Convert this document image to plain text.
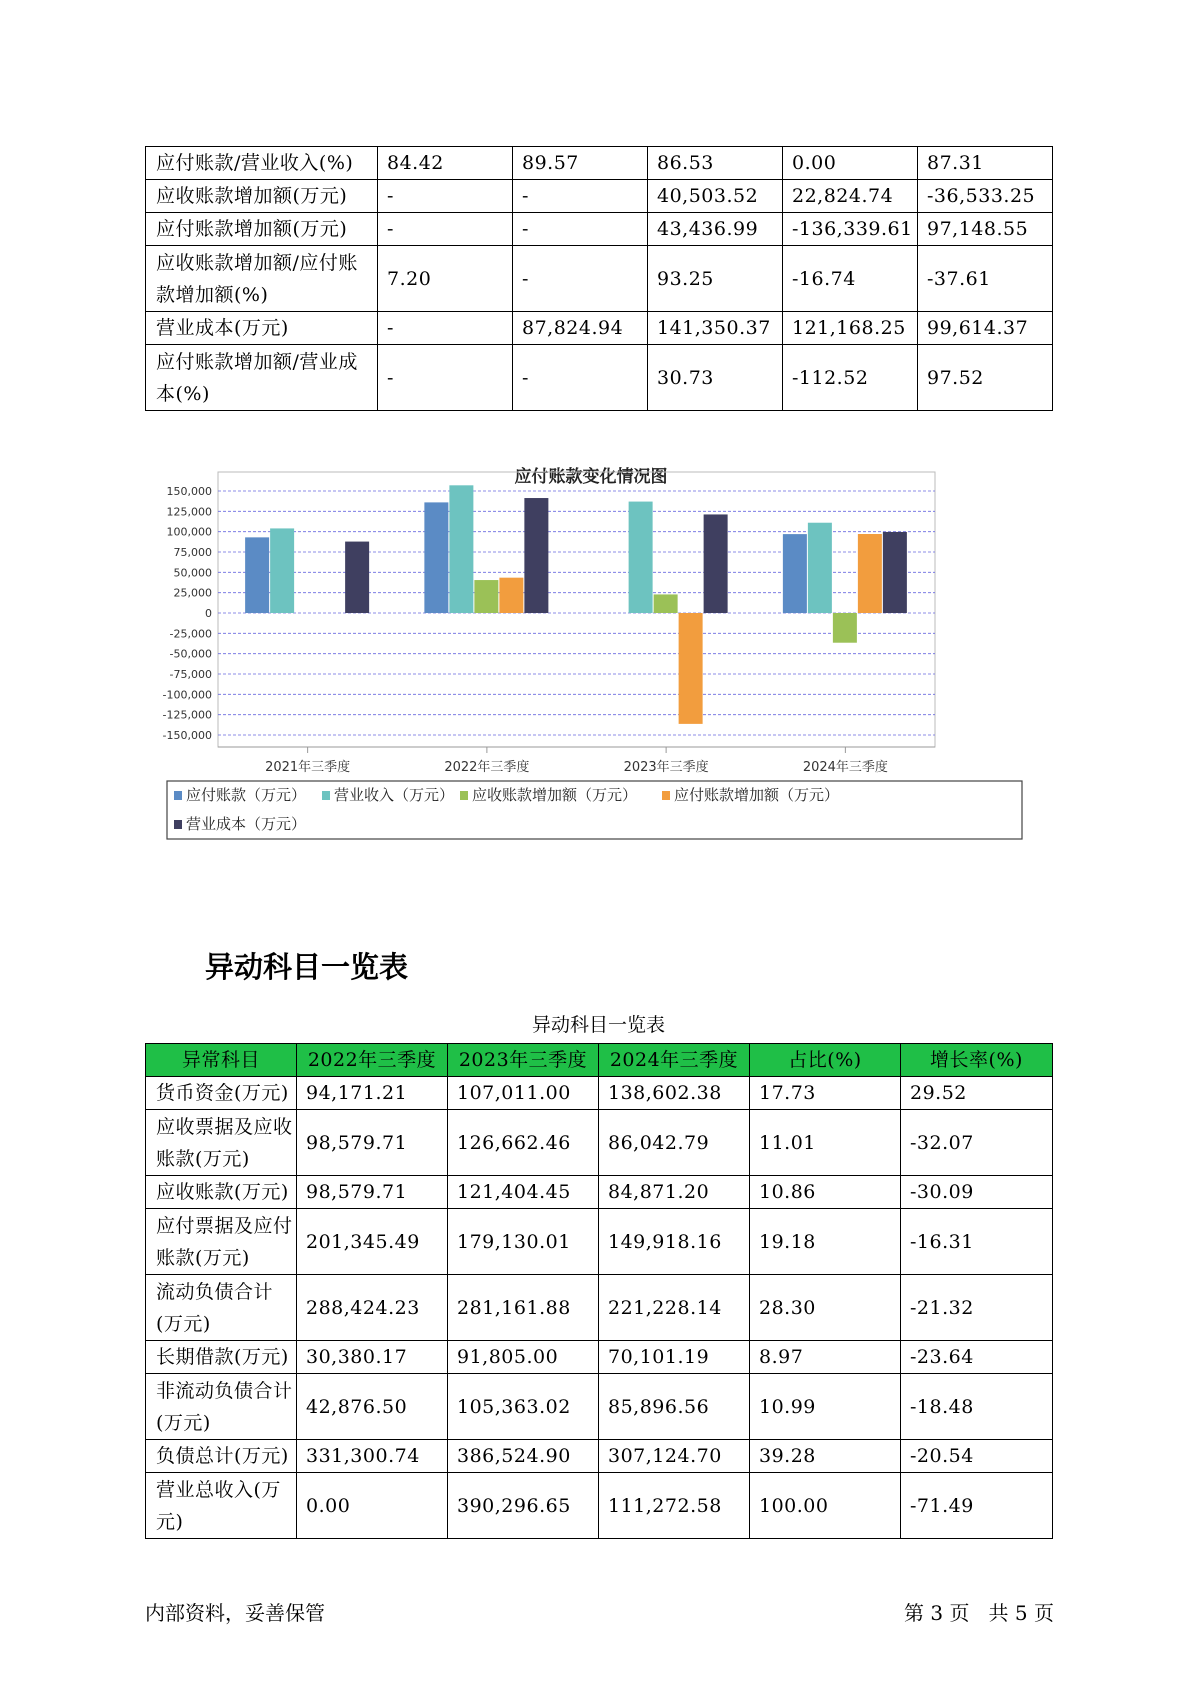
应付账款/营业收入(%)	84.42	89.57	86.53	0.00	87.31
应收账款增加额(万元)	-	-	40,503.52	22,824.74	-36,533.25
应付账款增加额(万元)	-	-	43,436.99	-136,339.61	97,148.55
应收账款增加额/应付账款增加额(%)	7.20	-	93.25	-16.74	-37.61
营业成本(万元)	-	87,824.94	141,350.37	121,168.25	99,614.37
应付账款增加额/营业成本(%)	-	-	30.73	-112.52	97.52
应付账款变化情况图
150,000
125,000
100,000
75,000
50,000
25,000
0
-25,000
-50,000
-75,000
-100,000
-125,000
-150,000
2021年三季度	2022年三季度	2023年三季度	2024年三季度
应付账款（万元） 营业收入（万元） 应收账款增加额（万元） 应付账款增加额（万元）
营业成本（万元）
异动科目一览表
异动科目一览表
异常科目	2022年三季度	2023年三季度	2024年三季度	占比(%)	增长率(%)
货币资金(万元)	94,171.21	107,011.00	138,602.38	17.73	29.52
应收票据及应收账款(万元)	98,579.71	126,662.46	86,042.79	11.01	-32.07
应收账款(万元)	98,579.71	121,404.45	84,871.20	10.86	-30.09
应付票据及应付账款(万元)	201,345.49	179,130.01	149,918.16	19.18	-16.31
流动负债合计(万元)	288,424.23	281,161.88	221,228.14	28.30	-21.32
长期借款(万元)	30,380.17	91,805.00	70,101.19	8.97	-23.64
非流动负债合计(万元)	42,876.50	105,363.02	85,896.56	10.99	-18.48
负债总计(万元)	331,300.74	386,524.90	307,124.70	39.28	-20.54
营业总收入(万元)	0.00	390,296.65	111,272.58	100.00	-71.49
内部资料，妥善保管	第 3 页   共 5 页
